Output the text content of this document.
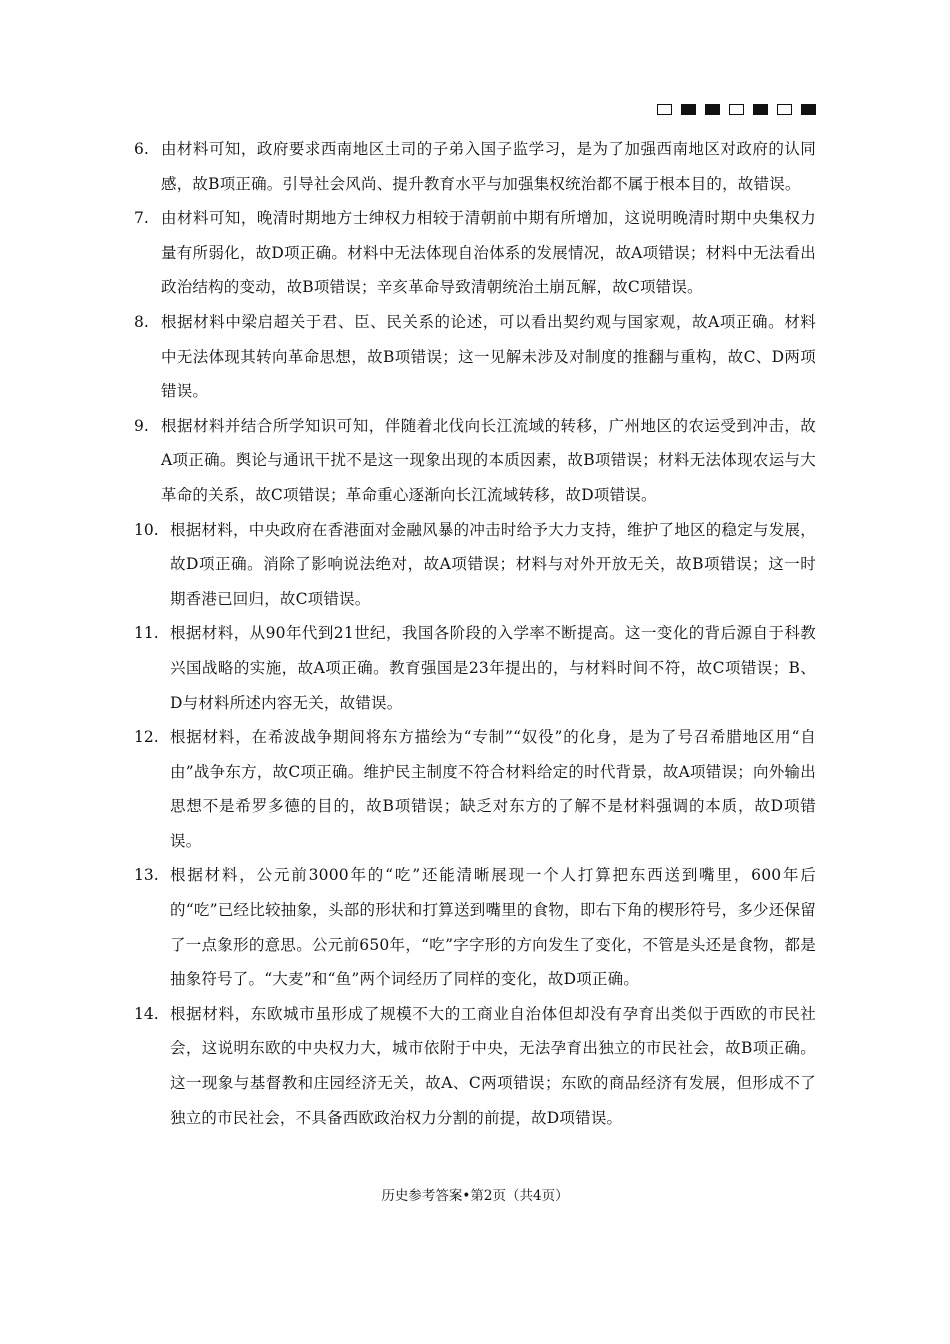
6. 由材料可知，政府要求西南地区土司的子弟入国子监学习，是为了加强西南地区对政府的认同感，故B项正确。引导社会风尚、提升教育水平与加强集权统治都不属于根本目的，故错误。
7. 由材料可知，晚清时期地方士绅权力相较于清朝前中期有所增加，这说明晚清时期中央集权力量有所弱化，故D项正确。材料中无法体现自治体系的发展情况，故A项错误；材料中无法看出政治结构的变动，故B项错误；辛亥革命导致清朝统治土崩瓦解，故C项错误。
8. 根据材料中梁启超关于君、臣、民关系的论述，可以看出契约观与国家观，故A项正确。材料中无法体现其转向革命思想，故B项错误；这一见解未涉及对制度的推翻与重构，故C、D两项错误。
9. 根据材料并结合所学知识可知，伴随着北伐向长江流域的转移，广州地区的农运受到冲击，故A项正确。舆论与通讯干扰不是这一现象出现的本质因素，故B项错误；材料无法体现农运与大革命的关系，故C项错误；革命重心逐渐向长江流域转移，故D项错误。
10. 根据材料，中央政府在香港面对金融风暴的冲击时给予大力支持，维护了地区的稳定与发展，故D项正确。消除了影响说法绝对，故A项错误；材料与对外开放无关，故B项错误；这一时期香港已回归，故C项错误。
11. 根据材料，从90年代到21世纪，我国各阶段的入学率不断提高。这一变化的背后源自于科教兴国战略的实施，故A项正确。教育强国是23年提出的，与材料时间不符，故C项错误；B、D与材料所述内容无关，故错误。
12. 根据材料，在希波战争期间将东方描绘为“专制”“奴役”的化身，是为了号召希腊地区用“自由”战争东方，故C项正确。维护民主制度不符合材料给定的时代背景，故A项错误；向外输出思想不是希罗多德的目的，故B项错误；缺乏对东方的了解不是材料强调的本质，故D项错误。
13. 根据材料，公元前3000年的“吃”还能清晰展现一个人打算把东西送到嘴里，600年后的“吃”已经比较抽象，头部的形状和打算送到嘴里的食物，即右下角的楔形符号，多少还保留了一点象形的意思。公元前650年，“吃”字字形的方向发生了变化，不管是头还是食物，都是抽象符号了。“大麦”和“鱼”两个词经历了同样的变化，故D项正确。
14. 根据材料，东欧城市虽形成了规模不大的工商业自治体但却没有孕育出类似于西欧的市民社会，这说明东欧的中央权力大，城市依附于中央，无法孕育出独立的市民社会，故B项正确。这一现象与基督教和庄园经济无关，故A、C两项错误；东欧的商品经济有发展，但形成不了独立的市民社会，不具备西欧政治权力分割的前提，故D项错误。
历史参考答案•第2页（共4页）
